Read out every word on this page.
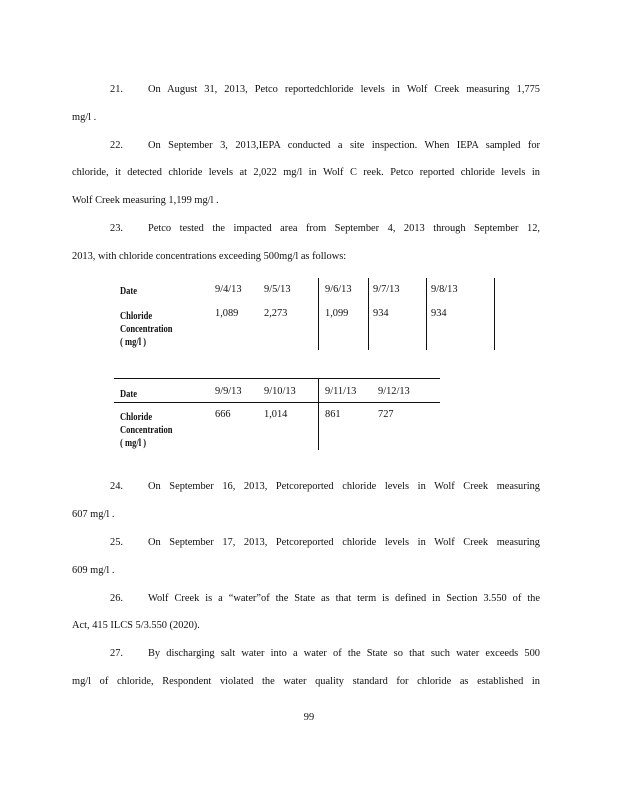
21. On August 31, 2013, Petco reportedchloride levels in Wolf Creek measuring 1,775
mg/l .
22. On September 3, 2013,IEPA conducted a site inspection. When IEPA sampled for
chloride, it detected chloride levels at 2,022 mg/l in Wolf C reek. Petco reported chloride levels in
Wolf Creek measuring 1,199 mg/l .
23. Petco tested the impacted area from September 4, 2013 through September 12,
2013, with chloride concentrations exceeding 500mg/l as follows:
Date	9/4/13 9/5/13	9/6/13 9/7/13	9/8/13
Chloride
Concentration
( mg/l )
1,089 2,273	1,099 934	934
Date	9/9/13 9/10/13	9/11/13 9/12/13
Chloride
Concentration
( mg/l )
666	1,014	861	727
24. On September 16, 2013, Petcoreported chloride levels in Wolf Creek measuring
607 mg/l .
25. On September 17, 2013, Petcoreported chloride levels in Wolf Creek measuring
609 mg/l .
26. Wolf Creek is a “water”of the State as that term is defined in Section 3.550 of the
Act, 415 ILCS 5/3.550 (2020).
27. By discharging salt water into a water of the State so that such water exceeds 500
mg/l of chloride, Respondent violated the water quality standard for chloride as established in
99
